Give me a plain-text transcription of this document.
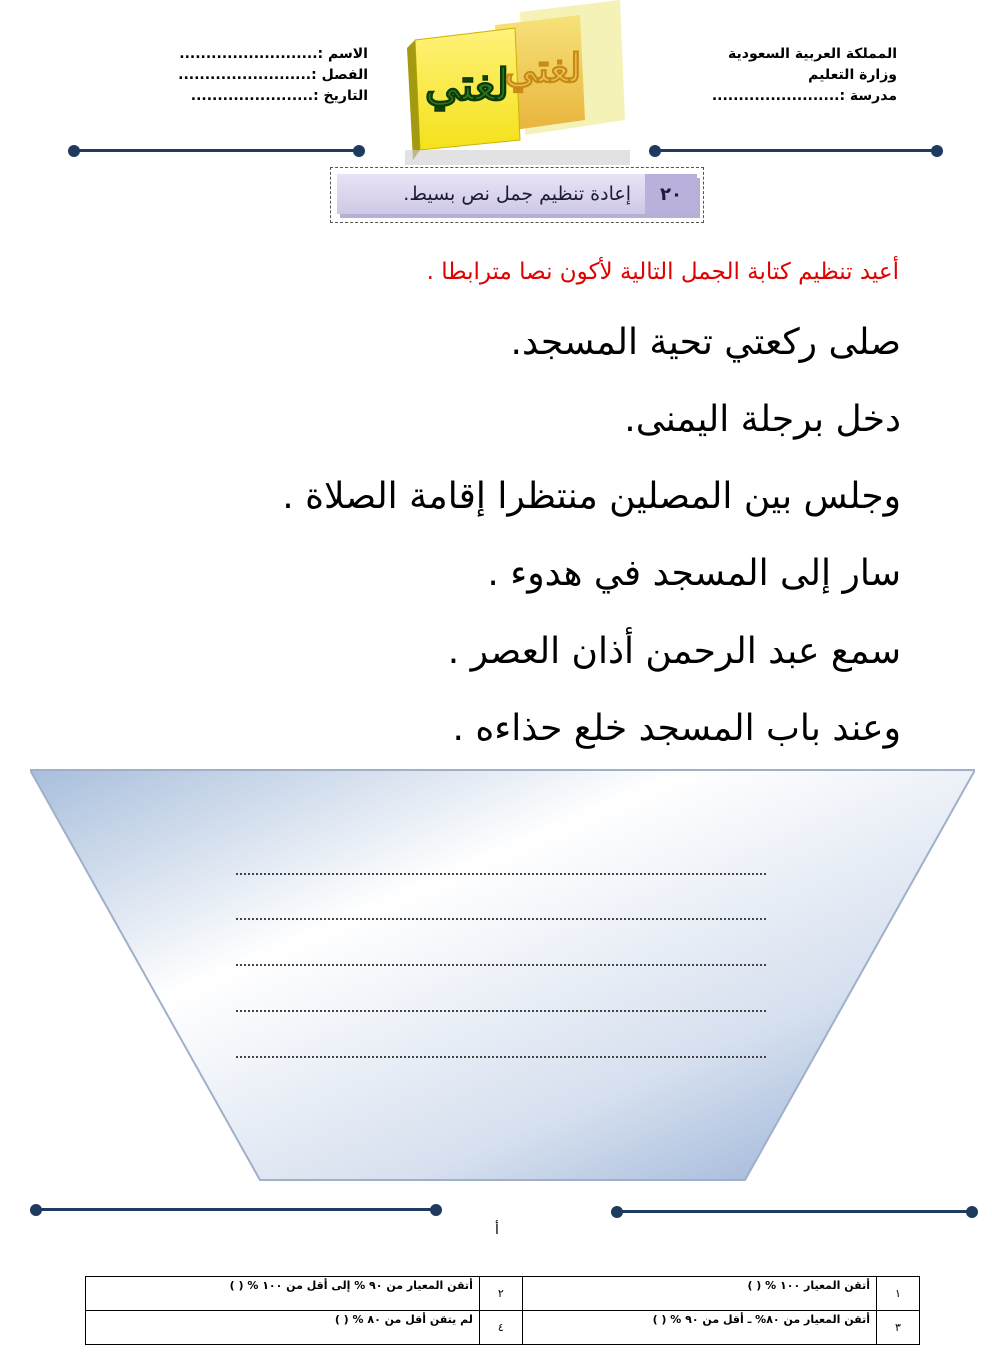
المملكة العربية السعودية
وزارة التعليم
مدرسة :........................
الاسم :..........................
الفصل :.........................
التاريخ :....................... لغتي
لغتي
٢٠
إعادة تنظيم جمل نص بسيط.
أعيد تنظيم كتابة الجمل التالية لأكون نصا مترابطا .
صلى ركعتي تحية المسجد.
دخل برجلة اليمنى.
وجلس بين المصلين منتظرا إقامة الصلاة .
سار إلى المسجد في هدوء .
سمع عبد الرحمن أذان العصر .
وعند باب المسجد خلع حذاءه .
أ
١	أتقن المعيار ١٠٠ % ( )	٢	أتقن المعيار من ٩٠ % إلى أقل من ١٠٠ % ( )
٣	أتقن المعيار من ٨٠% ـ أقل من ٩٠ % ( )	٤	لم يتقن أقل من ٨٠ % ( )
